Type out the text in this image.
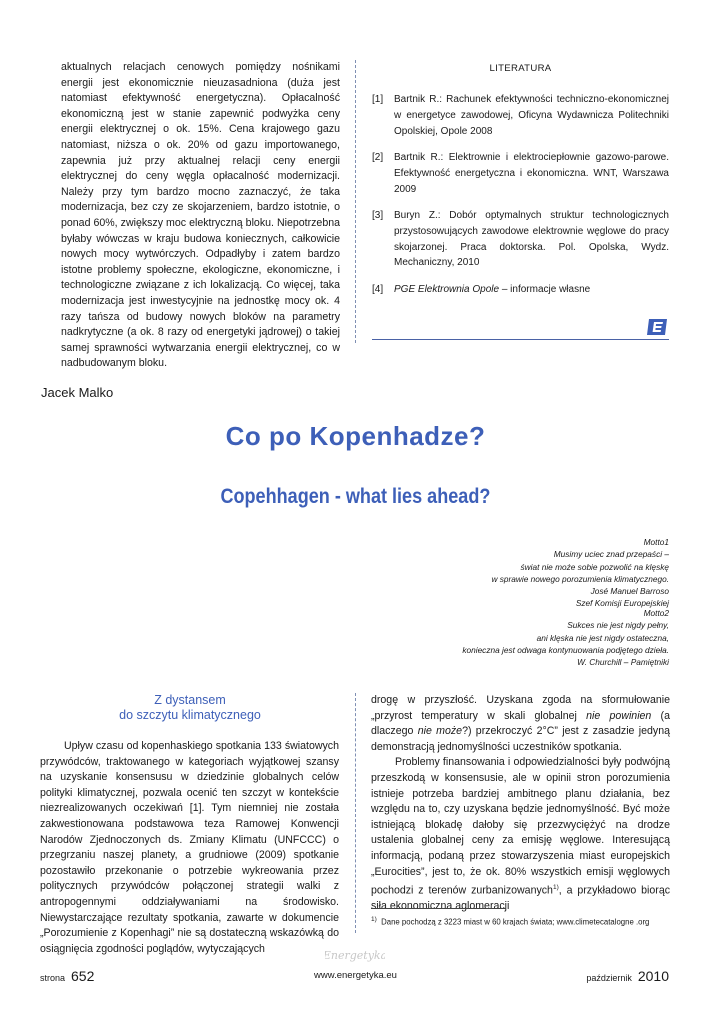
aktualnych relacjach cenowych pomiędzy nośnikami energii jest ekonomicznie nieuzasadniona (duża jest natomiast efektywność energetyczna). Opłacalność ekonomiczną jest w stanie zapewnić podwyżka ceny energii elektrycznej o ok. 15%. Cena krajowego gazu natomiast, niższa o ok. 20% od gazu importowanego, zapewnia już przy aktualnej relacji ceny energii elektrycznej do ceny węgla opłacalność modernizacji. Należy przy tym bardzo mocno zaznaczyć, że taka modernizacja, bez czy ze skojarzeniem, bardzo istotnie, o ponad 60%, zwiększy moc elektryczną bloku. Niepotrzebna byłaby wówczas w kraju budowa koniecznych, całkowicie nowych mocy wytwórczych. Odpadłyby i zatem bardzo istotne problemy społeczne, ekologiczne, ekonomiczne, i technologiczne związane z ich lokalizacją. Co więcej, taka modernizacja jest inwestycyjnie na jednostkę mocy ok. 4 razy tańsza od budowy nowych bloków na parametry nadkrytyczne (a ok. 8 razy od energetyki jądrowej) o takiej samej sprawności wytwarzania energii elektrycznej, co w nadbudowanym bloku.
LITERATURA
[1] Bartnik R.: Rachunek efektywności techniczno-ekonomicznej w energetyce zawodowej, Oficyna Wydawnicza Politechniki Opolskiej, Opole 2008
[2] Bartnik R.: Elektrownie i elektrociepłownie gazowo-parowe. Efektywność energetyczna i ekonomiczna. WNT, Warszawa 2009
[3] Buryn Z.: Dobór optymalnych struktur technologicznych przystosowujących zawodowe elektrownie węglowe do pracy skojarzonej. Praca doktorska. Pol. Opolska, Wydz. Mechaniczny, 2010
[4] PGE Elektrownia Opole – informacje własne
Jacek Malko
Co po Kopenhadze?
Copehhagen - what lies ahead?
Motto1
Musimy uciec znad przepaści –
świat nie może sobie pozwolić na klęskę
w sprawie nowego porozumienia klimatycznego.
José Manuel Barroso
Szef Komisji Europejskiej
Motto2
Sukces nie jest nigdy pełny,
ani klęska nie jest nigdy ostateczna,
konieczna jest odwaga kontynuowania podjętego dzieła.
W. Churchill – Pamiętniki
Z dystansem
do szczytu klimatycznego
Upływ czasu od kopenhaskiego spotkania 133 światowych przywódców, traktowanego w kategoriach wyjątkowej szansy na uzyskanie konsensusu w dziedzinie globalnych celów polityki klimatycznej, pozwala ocenić ten szczyt w kontekście niezrealizowanych oczekiwań [1]. Tym niemniej nie została zakwestionowana podstawowa teza Ramowej Konwencji Narodów Zjednoczonych ds. Zmiany Klimatu (UNFCCC) o przegrzaniu naszej planety, a grudniowe (2009) spotkanie pozostawiło przekonanie o potrzebie wykreowania przez politycznych przywódców połączonej strategii walki z antropogennymi oddziaływaniami na środowisko. Niewystarczające rezultaty spotkania, zawarte w dokumencie „Porozumienie z Kopenhagi” nie są dostateczną wskazówką do osiągnięcia zgodności poglądów, wytyczających
drogę w przyszłość. Uzyskana zgoda na sformułowanie „przyrost temperatury w skali globalnej nie powinien (a dlaczego nie może?) przekroczyć 2°C” jest z zasadzie jedyną demonstracją jednomyślności uczestników spotkania.
Problemy finansowania i odpowiedzialności były podwójną przeszkodą w konsensusie, ale w opinii stron porozumienia istnieje potrzeba bardziej ambitnego planu działania, bez względu na to, czy uzyskana będzie jednomyślność. Być może istniejącą blokadę dałoby się przezwyciężyć na drodze ustalenia globalnej ceny za emisję węglowe. Interesującą informacją, podaną przez stowarzyszenia miast europejskich „Eurocities”, jest to, że ok. 80% wszystkich emisji węglowych pochodzi z terenów zurbanizowanych$^{1)}$, a przykładowo biorąc siła ekonomiczna aglomeracji
$^{1)}$ Dane pochodzą z 3223 miast w 60 krajach świata; www.climetecatalogne .org
Energetyka
strona 652	www.energetyka.eu	październik 2010
